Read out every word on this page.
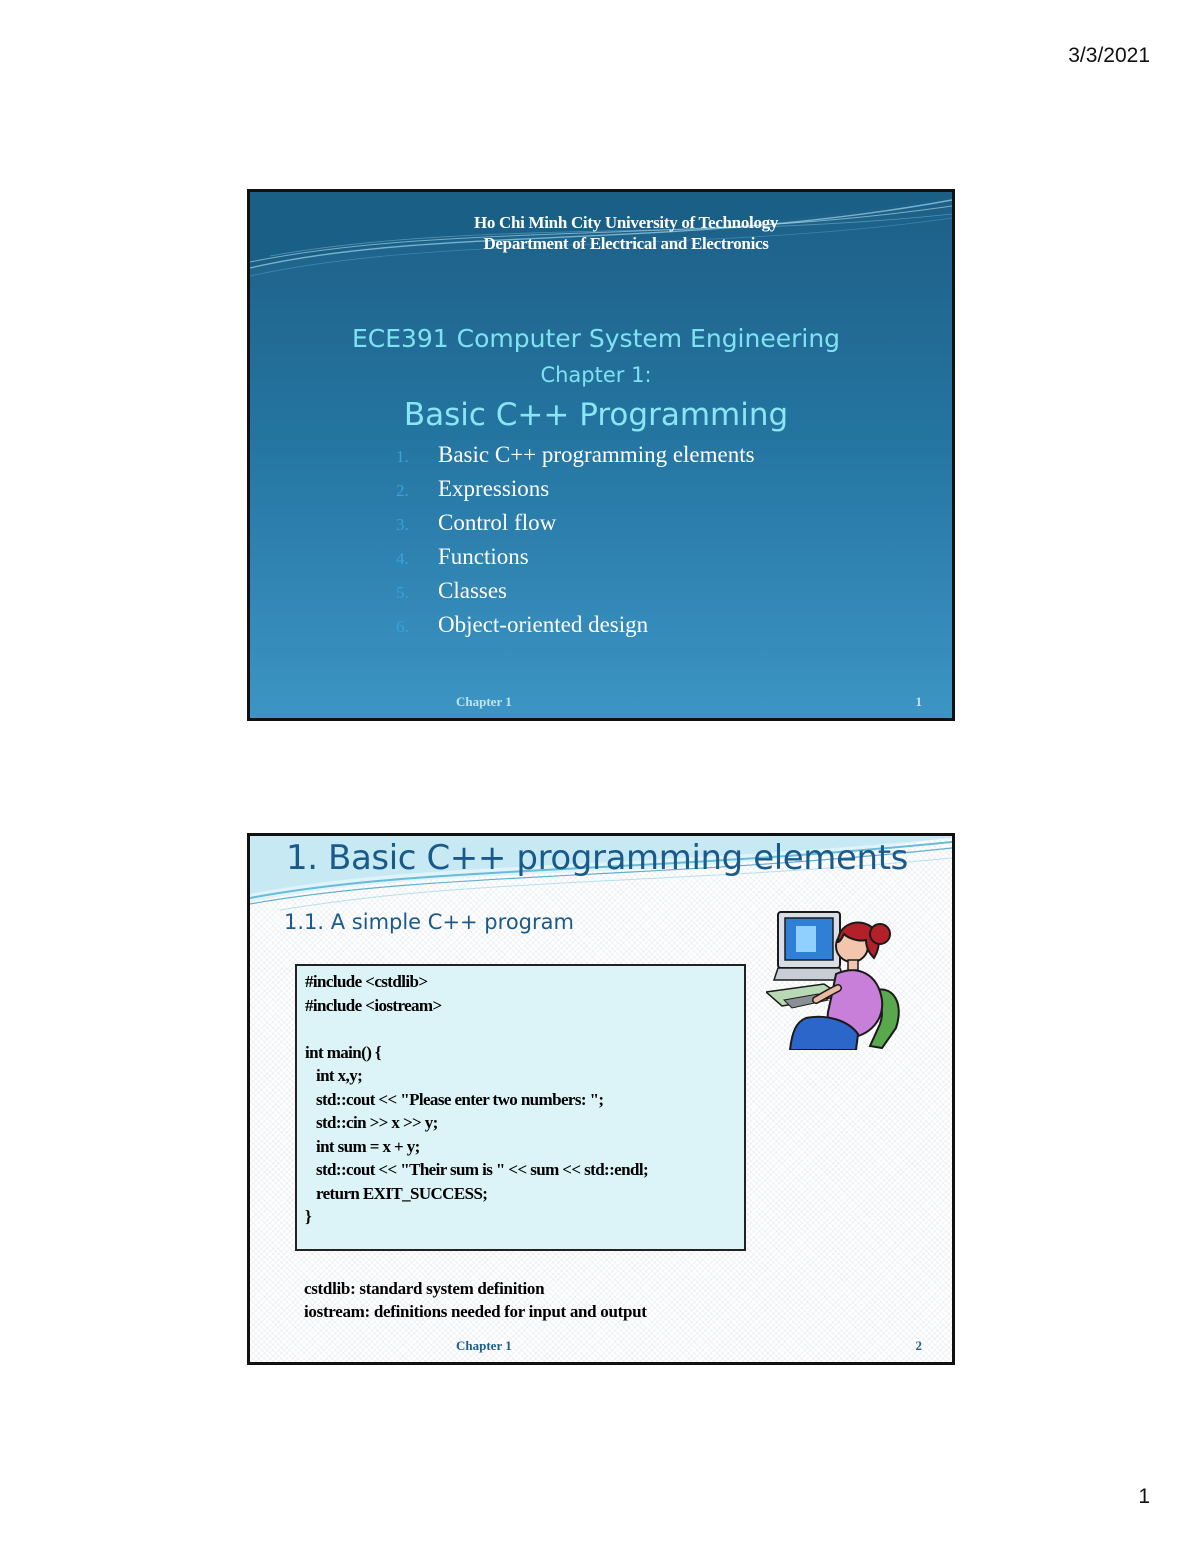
3/3/2021
Ho Chi Minh City University of Technology
Department of Electrical and Electronics
ECE391 Computer System Engineering
Chapter 1:
Basic C++ Programming
1. Basic C++ programming elements
2. Expressions
3. Control flow
4. Functions
5. Classes
6. Object-oriented design
Chapter 1	1
1. Basic C++ programming elements
1.1. A simple C++ program
#include <cstdlib>
#include <iostream>
int main() {
int x,y;
std::cout << "Please enter two numbers: ";
std::cin >> x >> y;
int sum = x + y;
std::cout << "Their sum is " << sum << std::endl;
return EXIT_SUCCESS;
}
cstdlib: standard system definition
iostream: definitions needed for input and output
Chapter 1	2
1
